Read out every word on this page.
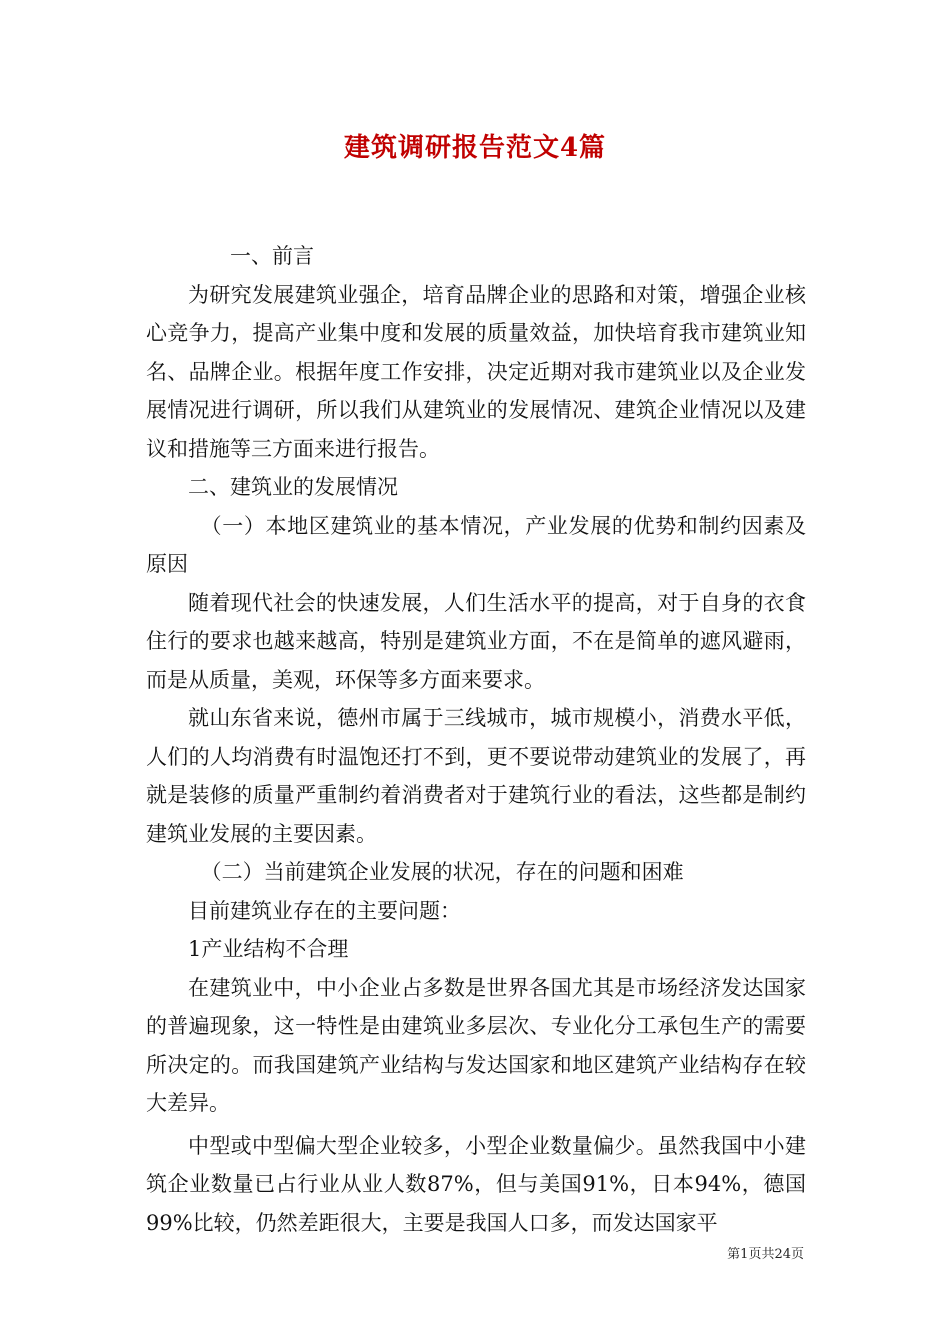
建筑调研报告范文4篇

一、前言

为研究发展建筑业强企，培育品牌企业的思路和对策，增强企业核心竞争力，提高产业集中度和发展的质量效益，加快培育我市建筑业知名、品牌企业。根据年度工作安排，决定近期对我市建筑业以及企业发展情况进行调研，所以我们从建筑业的发展情况、建筑企业情况以及建议和措施等三方面来进行报告。

二、建筑业的发展情况

（一）本地区建筑业的基本情况，产业发展的优势和制约因素及原因

随着现代社会的快速发展，人们生活水平的提高，对于自身的衣食住行的要求也越来越高，特别是建筑业方面，不在是简单的遮风避雨，而是从质量，美观，环保等多方面来要求。

就山东省来说，德州市属于三线城市，城市规模小，消费水平低，人们的人均消费有时温饱还打不到，更不要说带动建筑业的发展了，再就是装修的质量严重制约着消费者对于建筑行业的看法，这些都是制约建筑业发展的主要因素。

（二）当前建筑企业发展的状况，存在的问题和困难

目前建筑业存在的主要问题：

1产业结构不合理

在建筑业中，中小企业占多数是世界各国尤其是市场经济发达国家的普遍现象，这一特性是由建筑业多层次、专业化分工承包生产的需要所决定的。而我国建筑产业结构与发达国家和地区建筑产业结构存在较大差异。

中型或中型偏大型企业较多，小型企业数量偏少。虽然我国中小建筑企业数量已占行业从业人数87%，但与美国91%，日本94%，德国99%比较，仍然差距很大，主要是我国人口多，而发达国家平

第1页共24页
